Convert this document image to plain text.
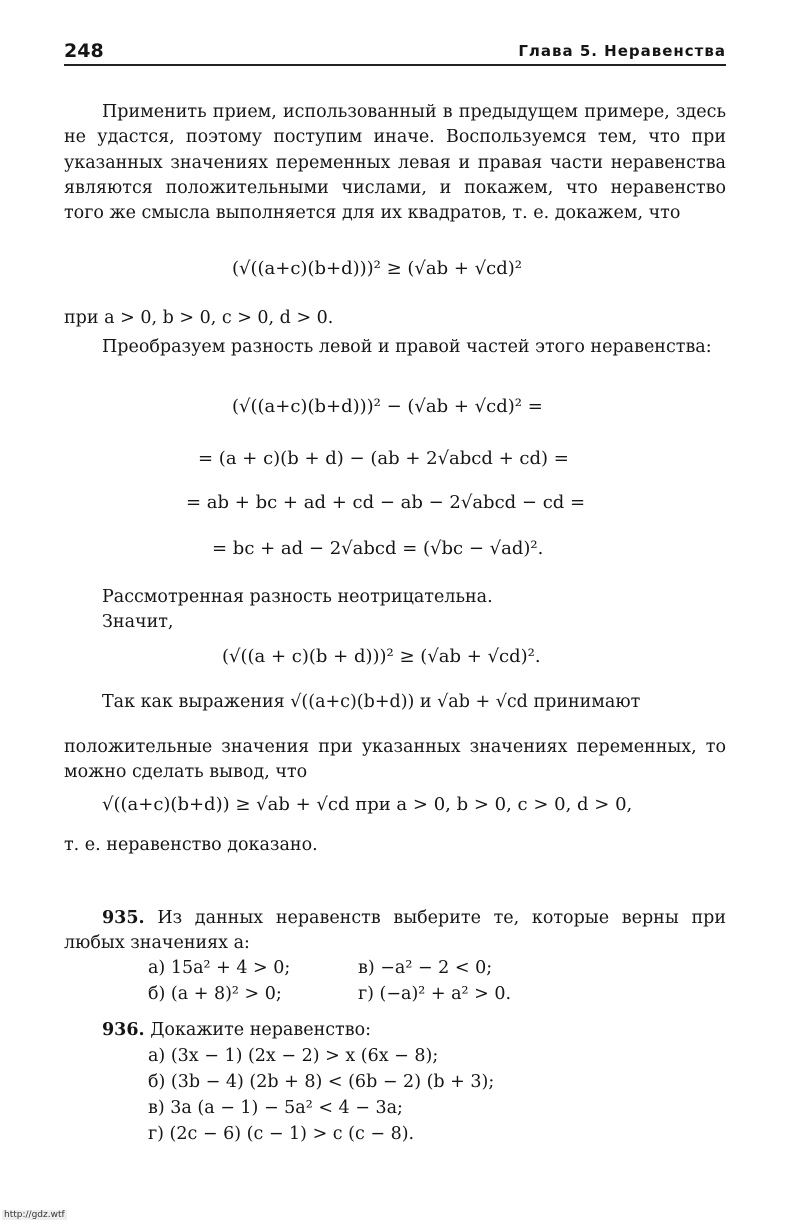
248	Глава 5. Неравенства
Применить прием, использованный в предыдущем примере, здесь не удастся, поэтому поступим иначе. Воспользуемся тем, что при указанных значениях переменных левая и правая части неравенства являются положительными числами, и покажем, что неравенство того же смысла выполняется для их квадратов, т. е. докажем, что
(√((a+c)(b+d)))² ≥ (√ab + √cd)²
при a > 0, b > 0, c > 0, d > 0.
Преобразуем разность левой и правой частей этого неравенства:
(√((a+c)(b+d)))² − (√ab + √cd)² =
= (a + c)(b + d) − (ab + 2√abcd + cd) =
= ab + bc + ad + cd − ab − 2√abcd − cd =
= bc + ad − 2√abcd = (√bc − √ad)².
Рассмотренная разность неотрицательна.
Значит,
(√((a + c)(b + d)))² ≥ (√ab + √cd)².
Так как выражения √((a+c)(b+d)) и √ab + √cd принимают
положительные значения при указанных значениях переменных, то можно сделать вывод, что
√((a+c)(b+d)) ≥ √ab + √cd при a > 0, b > 0, c > 0, d > 0,
т. е. неравенство доказано.
935. Из данных неравенств выберите те, которые верны при любых значениях a:
а) 15a² + 4 > 0;	в) −a² − 2 < 0;
б) (a + 8)² > 0;	г) (−a)² + a² > 0.
936. Докажите неравенство:
а) (3x − 1) (2x − 2) > x (6x − 8);
б) (3b − 4) (2b + 8) < (6b − 2) (b + 3);
в) 3a (a − 1) − 5a² < 4 − 3a;
г) (2c − 6) (c − 1) > c (c − 8).
http://gdz.wtf
